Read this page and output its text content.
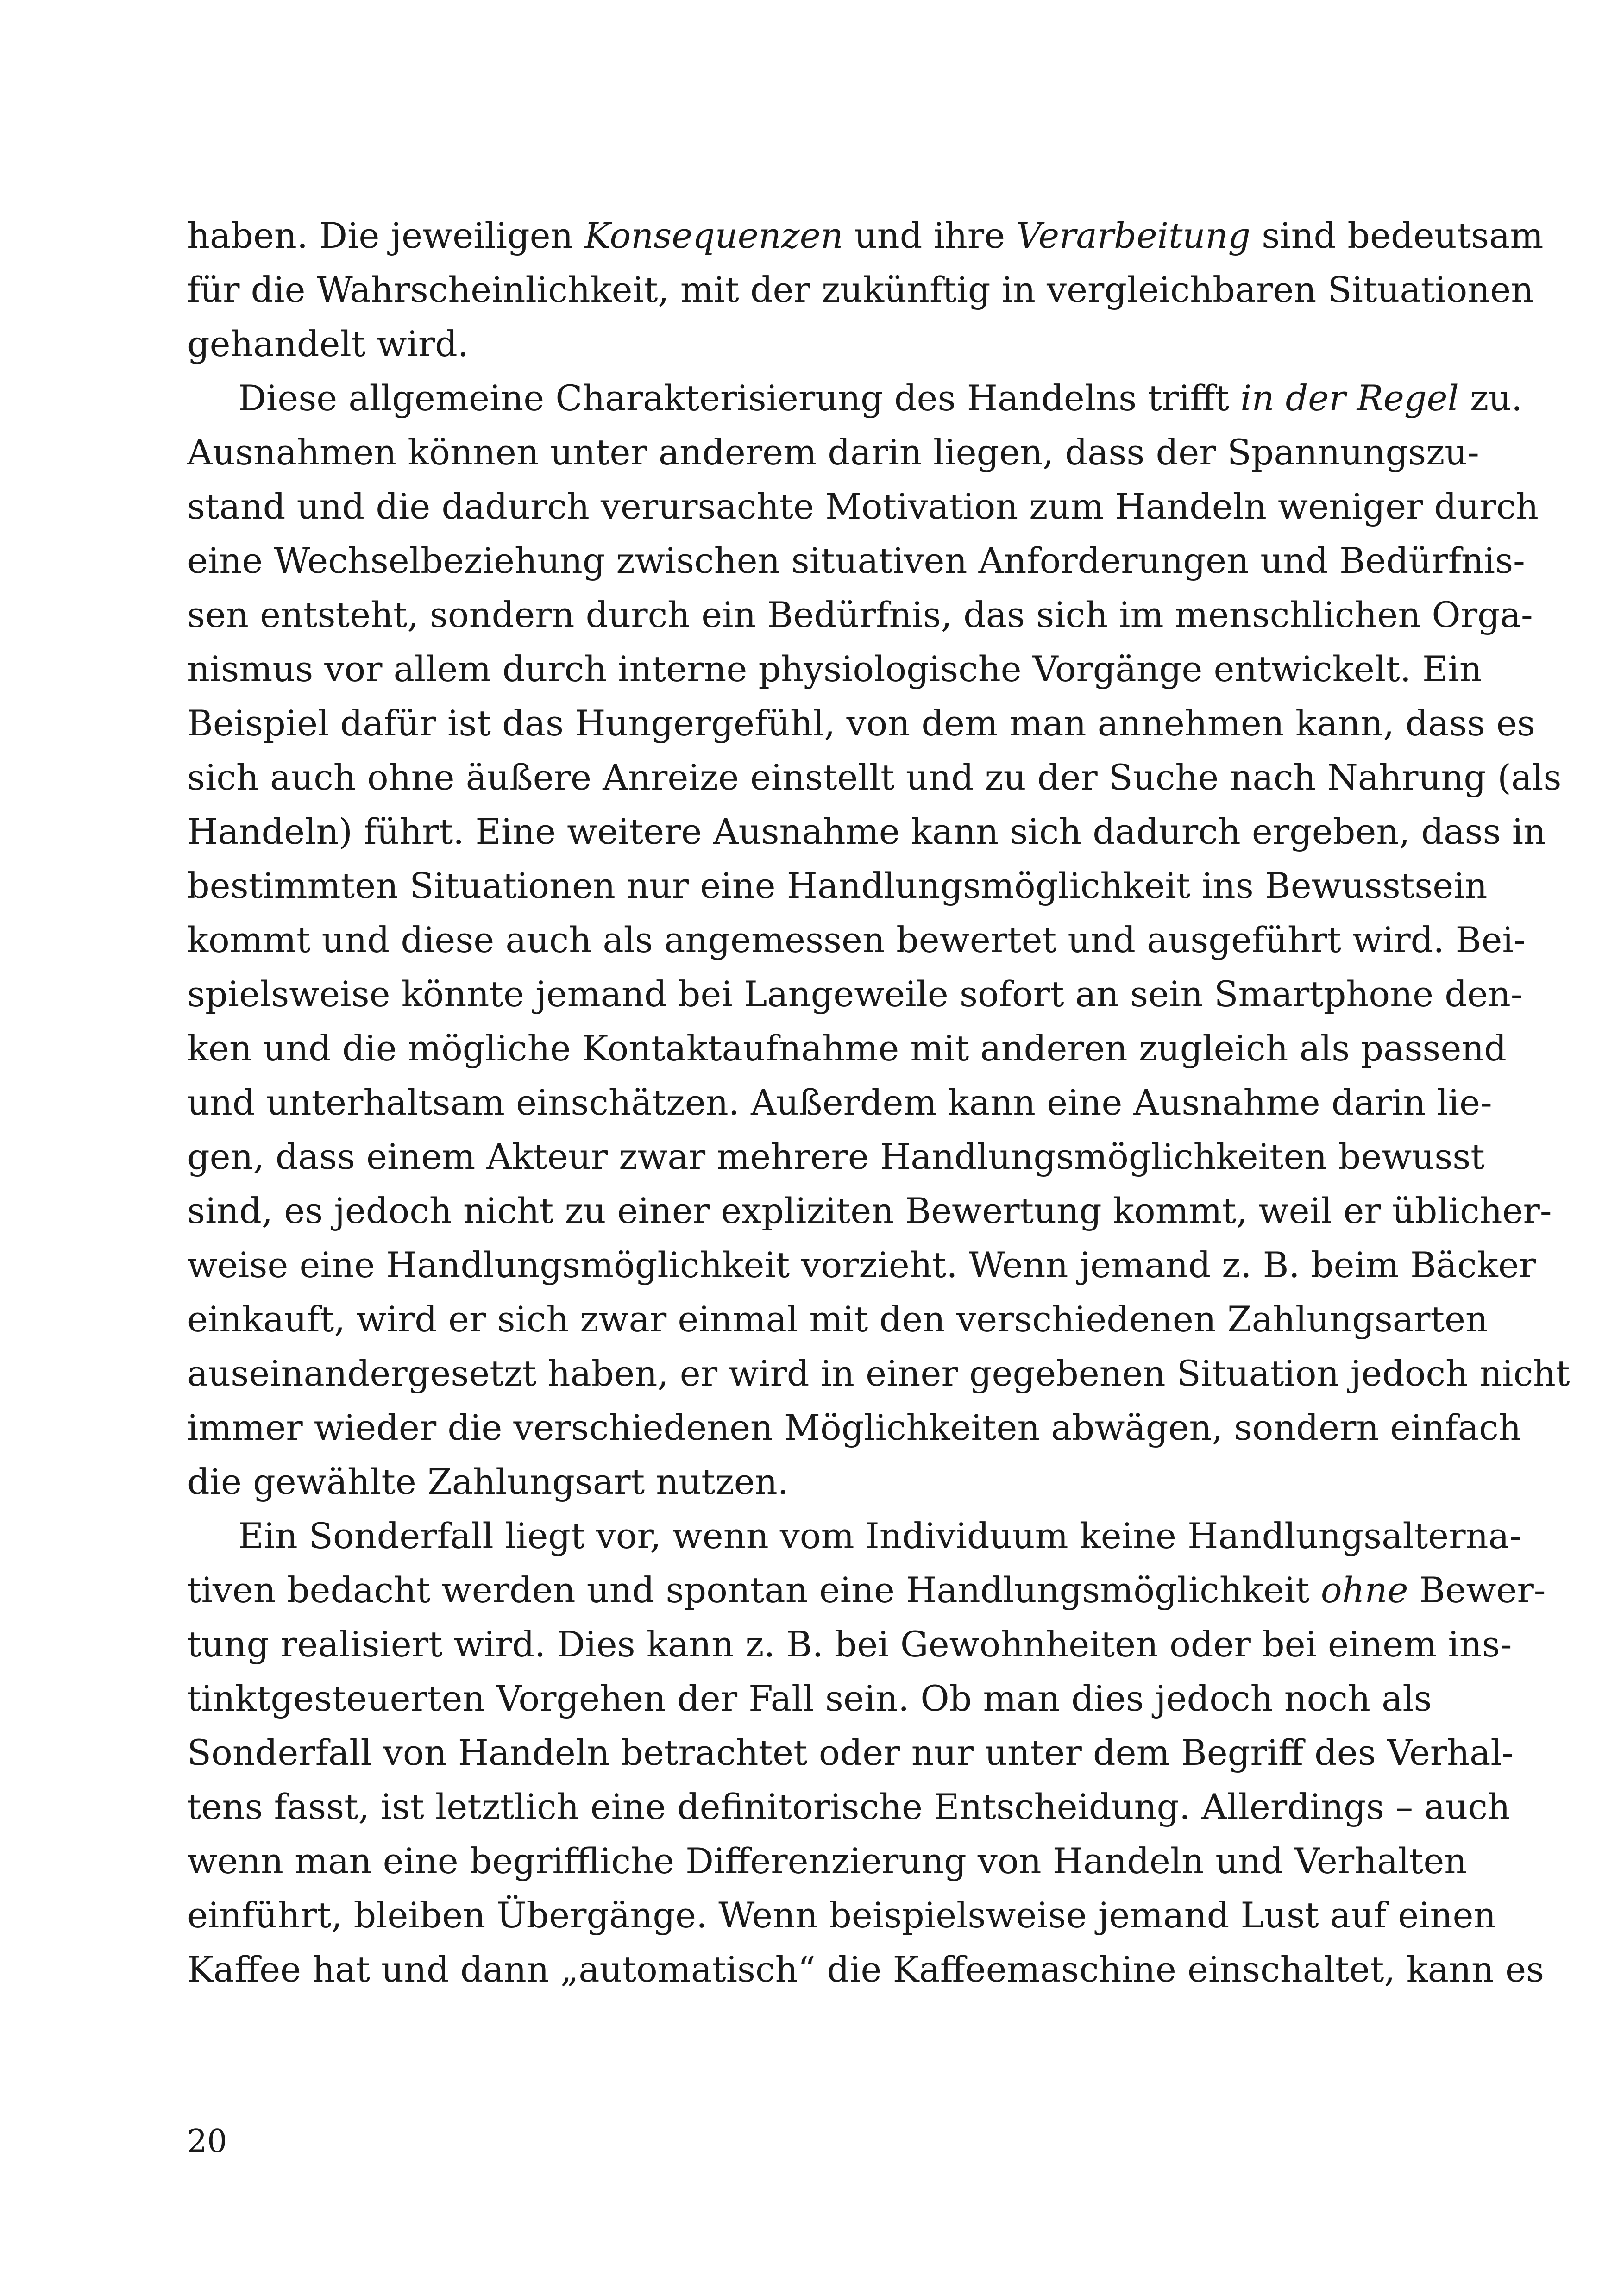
haben. Die jeweiligen Konsequenzen und ihre Verarbeitung sind bedeutsam
für die Wahrscheinlichkeit, mit der zukünftig in vergleichbaren Situationen
gehandelt wird.
Diese allgemeine Charakterisierung des Handelns trifft in der Regel zu.
Ausnahmen können unter anderem darin liegen, dass der Spannungszu-
stand und die dadurch verursachte Motivation zum Handeln weniger durch
eine Wechselbeziehung zwischen situativen Anforderungen und Bedürfnis-
sen entsteht, sondern durch ein Bedürfnis, das sich im menschlichen Orga-
nismus vor allem durch interne physiologische Vorgänge entwickelt. Ein
Beispiel dafür ist das Hungergefühl, von dem man annehmen kann, dass es
sich auch ohne äußere Anreize einstellt und zu der Suche nach Nahrung (als
Handeln) führt. Eine weitere Ausnahme kann sich dadurch ergeben, dass in
bestimmten Situationen nur eine Handlungsmöglichkeit ins Bewusstsein
kommt und diese auch als angemessen bewertet und ausgeführt wird. Bei-
spielsweise könnte jemand bei Langeweile sofort an sein Smartphone den-
ken und die mögliche Kontaktaufnahme mit anderen zugleich als passend
und unterhaltsam einschätzen. Außerdem kann eine Ausnahme darin lie-
gen, dass einem Akteur zwar mehrere Handlungsmöglichkeiten bewusst
sind, es jedoch nicht zu einer expliziten Bewertung kommt, weil er üblicher-
weise eine Handlungsmöglichkeit vorzieht. Wenn jemand z. B. beim Bäcker
einkauft, wird er sich zwar einmal mit den verschiedenen Zahlungsarten
auseinandergesetzt haben, er wird in einer gegebenen Situation jedoch nicht
immer wieder die verschiedenen Möglichkeiten abwägen, sondern einfach
die gewählte Zahlungsart nutzen.
Ein Sonderfall liegt vor, wenn vom Individuum keine Handlungsalterna-
tiven bedacht werden und spontan eine Handlungsmöglichkeit ohne Bewer-
tung realisiert wird. Dies kann z. B. bei Gewohnheiten oder bei einem ins-
tinktgesteuerten Vorgehen der Fall sein. Ob man dies jedoch noch als
Sonderfall von Handeln betrachtet oder nur unter dem Begriff des Verhal-
tens fasst, ist letztlich eine definitorische Entscheidung. Allerdings – auch
wenn man eine begriffliche Differenzierung von Handeln und Verhalten
einführt, bleiben Übergänge. Wenn beispielsweise jemand Lust auf einen
Kaffee hat und dann „automatisch“ die Kaffeemaschine einschaltet, kann es
20
